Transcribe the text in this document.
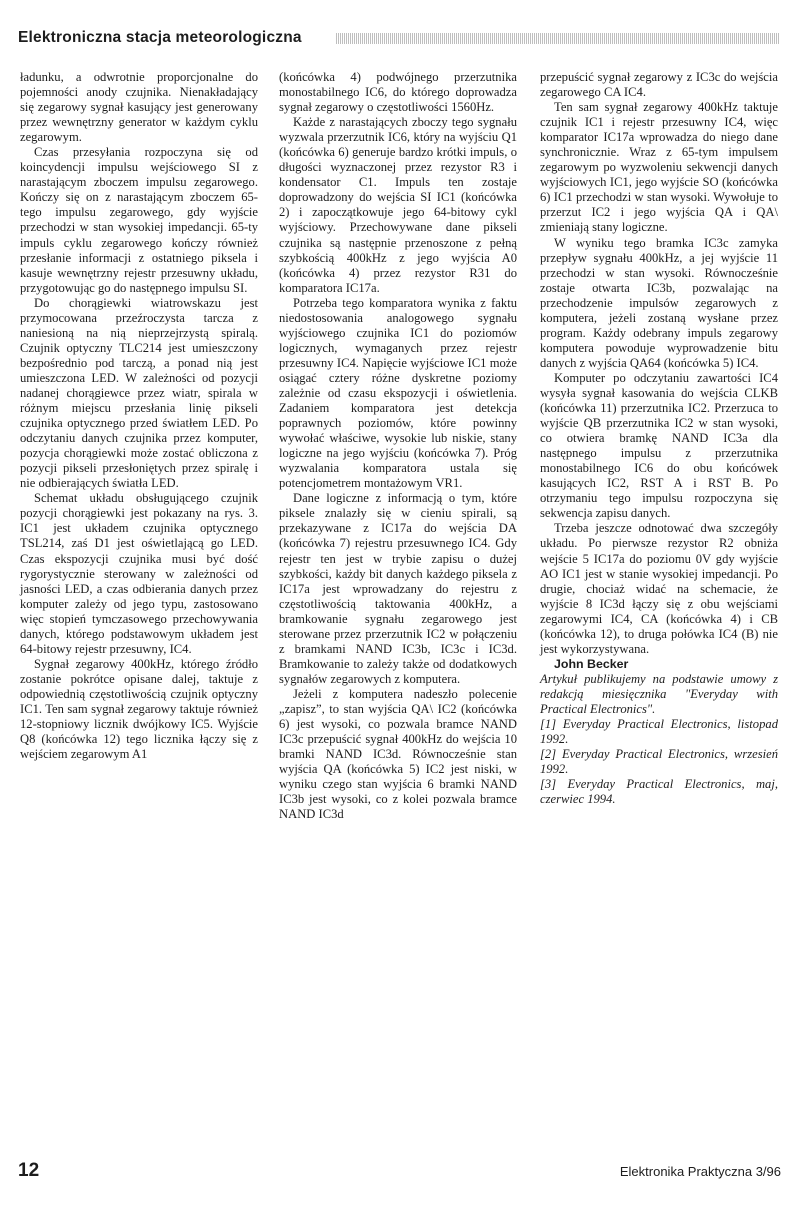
Elektroniczna stacja meteorologiczna

ładunku, a odwrotnie proporcjonalne do pojemności anody czujnika. Nienakładający się zegarowy sygnał kasujący jest generowany przez wewnętrzny generator w każdym cyklu zegarowym.

Czas przesyłania rozpoczyna się od koincydencji impulsu wejściowego SI z narastającym zboczem impulsu zegarowego. Kończy się on z narastającym zboczem 65-tego impulsu zegarowego, gdy wyjście przechodzi w stan wysokiej impedancji. 65-ty impuls cyklu zegarowego kończy również przesłanie informacji z ostatniego piksela i kasuje wewnętrzny rejestr przesuwny układu, przygotowując go do następnego impulsu SI.

Do chorągiewki wiatrowskazu jest przymocowana przeźroczysta tarcza z naniesioną na nią nieprzejrzystą spiralą. Czujnik optyczny TLC214 jest umieszczony bezpośrednio pod tarczą, a ponad nią jest umieszczona LED. W zależności od pozycji nadanej chorągiewce przez wiatr, spirala w różnym miejscu przesłania linię pikseli czujnika optycznego przed światłem LED. Po odczytaniu danych czujnika przez komputer, pozycja chorągiewki może zostać obliczona z pozycji pikseli przesłoniętych przez spiralę i nie odbierających światła LED.

Schemat układu obsługującego czujnik pozycji chorągiewki jest pokazany na rys. 3. IC1 jest układem czujnika optycznego TSL214, zaś D1 jest oświetlającą go LED. Czas ekspozycji czujnika musi być dość rygorystycznie sterowany w zależności od jasności LED, a czas odbierania danych przez komputer zależy od jego typu, zastosowano więc stopień tymczasowego przechowywania danych, którego podstawowym układem jest 64-bitowy rejestr przesuwny, IC4.

Sygnał zegarowy 400kHz, którego źródło zostanie pokrótce opisane dalej, taktuje z odpowiednią częstotliwością czujnik optyczny IC1. Ten sam sygnał zegarowy taktuje również 12-stopniowy licznik dwójkowy IC5. Wyjście Q8 (końcówka 12) tego licznika łączy się z wejściem zegarowym A1

(końcówka 4) podwójnego przerzutnika monostabilnego IC6, do którego doprowadza sygnał zegarowy o częstotliwości 1560Hz.

Każde z narastających zboczy tego sygnału wyzwala przerzutnik IC6, który na wyjściu Q1 (końcówka 6) generuje bardzo krótki impuls, o długości wyznaczonej przez rezystor R3 i kondensator C1. Impuls ten zostaje doprowadzony do wejścia SI IC1 (końcówka 2) i zapoczątkowuje jego 64-bitowy cykl wyjściowy. Przechowywane dane pikseli czujnika są następnie przenoszone z pełną szybkością 400kHz z jego wyjścia A0 (końcówka 4) przez rezystor R31 do komparatora IC17a.

Potrzeba tego komparatora wynika z faktu niedostosowania analogowego sygnału wyjściowego czujnika IC1 do poziomów logicznych, wymaganych przez rejestr przesuwny IC4. Napięcie wyjściowe IC1 może osiągać cztery różne dyskretne poziomy zależnie od czasu ekspozycji i oświetlenia. Zadaniem komparatora jest detekcja poprawnych poziomów, które powinny wywołać właściwe, wysokie lub niskie, stany logiczne na jego wyjściu (końcówka 7). Próg wyzwalania komparatora ustala się potencjometrem montażowym VR1.

Dane logiczne z informacją o tym, które piksele znalazły się w cieniu spirali, są przekazywane z IC17a do wejścia DA (końcówka 7) rejestru przesuwnego IC4. Gdy rejestr ten jest w trybie zapisu o dużej szybkości, każdy bit danych każdego piksela z IC17a jest wprowadzany do rejestru z częstotliwością taktowania 400kHz, a bramkowanie sygnału zegarowego jest sterowane przez przerzutnik IC2 w połączeniu z bramkami NAND IC3b, IC3c i IC3d. Bramkowanie to zależy także od dodatkowych sygnałów zegarowych z komputera.

Jeżeli z komputera nadeszło polecenie „zapisz”, to stan wyjścia QA\ IC2 (końcówka 6) jest wysoki, co pozwala bramce NAND IC3c przepuścić sygnał 400kHz do wejścia 10 bramki NAND IC3d. Równocześnie stan wyjścia QA (końcówka 5) IC2 jest niski, w wyniku czego stan wyjścia 6 bramki NAND IC3b jest wysoki, co z kolei pozwala bramce NAND IC3d

przepuścić sygnał zegarowy z IC3c do wejścia zegarowego CA IC4.

Ten sam sygnał zegarowy 400kHz taktuje czujnik IC1 i rejestr przesuwny IC4, więc komparator IC17a wprowadza do niego dane synchronicznie. Wraz z 65-tym impulsem zegarowym po wyzwoleniu sekwencji danych wyjściowych IC1, jego wyjście SO (końcówka 6) IC1 przechodzi w stan wysoki. Wywołuje to przerzut IC2 i jego wyjścia QA i QA\ zmieniają stany logiczne.

W wyniku tego bramka IC3c zamyka przepływ sygnału 400kHz, a jej wyjście 11 przechodzi w stan wysoki. Równocześnie zostaje otwarta IC3b, pozwalając na przechodzenie impulsów zegarowych z komputera, jeżeli zostaną wysłane przez program. Każdy odebrany impuls zegarowy komputera powoduje wyprowadzenie bitu danych z wyjścia QA64 (końcówka 5) IC4.

Komputer po odczytaniu zawartości IC4 wysyła sygnał kasowania do wejścia CLKB (końcówka 11) przerzutnika IC2. Przerzuca to wyjście QB przerzutnika IC2 w stan wysoki, co otwiera bramkę NAND IC3a dla następnego impulsu z przerzutnika monostabilnego IC6 do obu końcówek kasujących IC2, RST A i RST B. Po otrzymaniu tego impulsu rozpoczyna się sekwencja zapisu danych.

Trzeba jeszcze odnotować dwa szczegóły układu. Po pierwsze rezystor R2 obniża wejście 5 IC17a do poziomu 0V gdy wyjście AO IC1 jest w stanie wysokiej impedancji. Po drugie, chociaż widać na schemacie, że wyjście 8 IC3d łączy się z obu wejściami zegarowymi IC4, CA (końcówka 4) i CB (końcówka 12), to druga połówka IC4 (B) nie jest wykorzystywana.

John Becker

Artykuł publikujemy na podstawie umowy z redakcją miesięcznika "Everyday with Practical Electronics".

[1] Everyday Practical Electronics, listopad 1992.

[2] Everyday Practical Electronics, wrzesień 1992.

[3] Everyday Practical Electronics, maj, czerwiec 1994.

12	Elektronika Praktyczna 3/96
